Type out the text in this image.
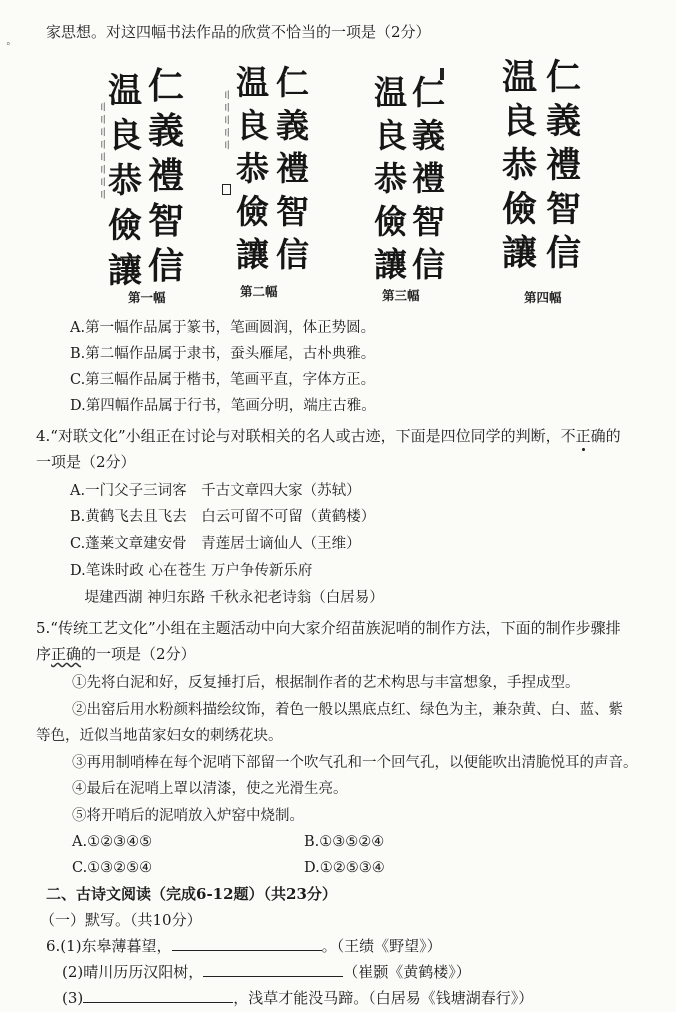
°
家思想。对这四幅书法作品的欣赏不恰当的一项是（2分）
〢〢〢〢〢〢〢〢
仁
義
禮
智
信
温
良
恭
儉
讓
第一幅
仁
義
禮
智
信
温
良
恭
儉
讓
〢〢〢〢〢
第二幅
仁
義
禮
智
信
温
良
恭
儉
讓
第三幅
仁
義
禮
智
信
温
良
恭
儉
讓
第四幅
A.第一幅作品属于篆书，笔画圆润，体正势圆。
B.第二幅作品属于隶书，蚕头雁尾，古朴典雅。
C.第三幅作品属于楷书，笔画平直，字体方正。
D.第四幅作品属于行书，笔画分明，端庄古雅。
4.“对联文化”小组正在讨论与对联相关的名人或古迹，下面是四位同学的判断，不正确的
一项是（2分）
A.一门父子三词客　千古文章四大家（苏轼）
B.黄鹤飞去且飞去　白云可留不可留（黄鹤楼）
C.蓬莱文章建安骨　青莲居士谪仙人（王维）
D.笔诛时政 心在苍生 万户争传新乐府
　堤建西湖 神归东路 千秋永祀老诗翁（白居易）
5.“传统工艺文化”小组在主题活动中向大家介绍苗族泥哨的制作方法，下面的制作步骤排
序正确的一项是（2分）
①先将白泥和好，反复捶打后，根据制作者的艺术构思与丰富想象，手捏成型。
②出窑后用水粉颜料描绘纹饰，着色一般以黑底点红、绿色为主，兼杂黄、白、蓝、紫
等色，近似当地苗家妇女的刺绣花块。
③再用制哨棒在每个泥哨下部留一个吹气孔和一个回气孔，以便能吹出清脆悦耳的声音。
④最后在泥哨上罩以清漆，使之光滑生亮。
⑤将开哨后的泥哨放入炉窑中烧制。
A.①②③④⑤	B.①③⑤②④
C.①③②⑤④	D.①②⑤③④
二、古诗文阅读（完成6-12题）（共23分）
（一）默写。（共10分）
6.(1)东皋薄暮望，	。（王绩《野望》）
(2)晴川历历汉阳树，	（崔颢《黄鹤楼》）
(3)	，浅草才能没马蹄。（白居易《钱塘湖春行》）
